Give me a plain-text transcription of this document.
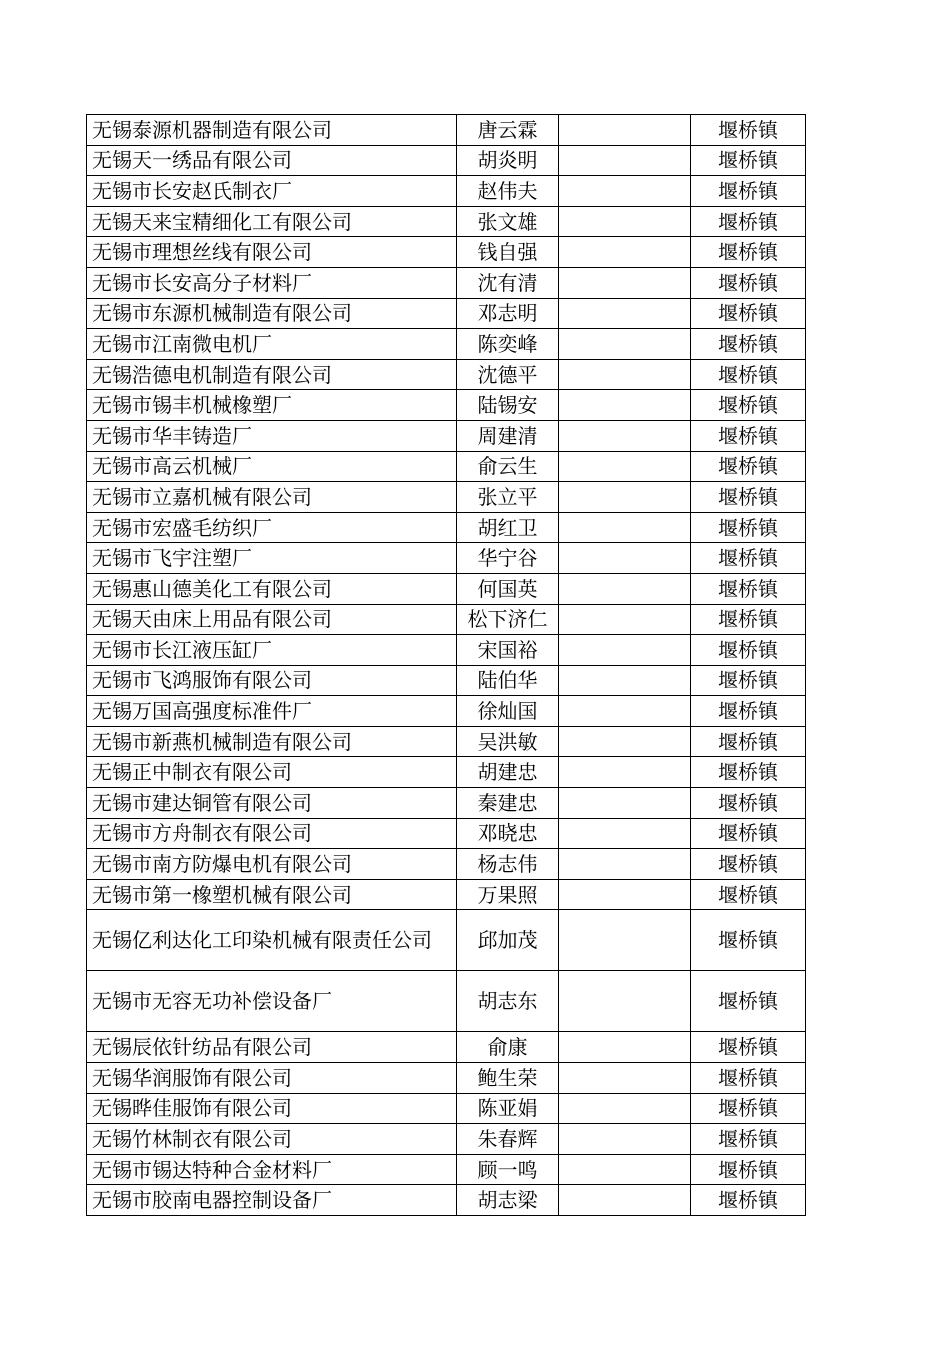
无锡泰源机器制造有限公司	唐云霖		堰桥镇
无锡天一绣品有限公司	胡炎明		堰桥镇
无锡市长安赵氏制衣厂	赵伟夫		堰桥镇
无锡天来宝精细化工有限公司	张文雄		堰桥镇
无锡市理想丝线有限公司	钱自强		堰桥镇
无锡市长安高分子材料厂	沈有清		堰桥镇
无锡市东源机械制造有限公司	邓志明		堰桥镇
无锡市江南微电机厂	陈奕峰		堰桥镇
无锡浩德电机制造有限公司	沈德平		堰桥镇
无锡市锡丰机械橡塑厂	陆锡安		堰桥镇
无锡市华丰铸造厂	周建清		堰桥镇
无锡市高云机械厂	俞云生		堰桥镇
无锡市立嘉机械有限公司	张立平		堰桥镇
无锡市宏盛毛纺织厂	胡红卫		堰桥镇
无锡市飞宇注塑厂	华宁谷		堰桥镇
无锡惠山德美化工有限公司	何国英		堰桥镇
无锡天由床上用品有限公司	松下济仁		堰桥镇
无锡市长江液压缸厂	宋国裕		堰桥镇
无锡市飞鸿服饰有限公司	陆伯华		堰桥镇
无锡万国高强度标准件厂	徐灿国		堰桥镇
无锡市新燕机械制造有限公司	吴洪敏		堰桥镇
无锡正中制衣有限公司	胡建忠		堰桥镇
无锡市建达铜管有限公司	秦建忠		堰桥镇
无锡市方舟制衣有限公司	邓晓忠		堰桥镇
无锡市南方防爆电机有限公司	杨志伟		堰桥镇
无锡市第一橡塑机械有限公司	万果照		堰桥镇
无锡亿利达化工印染机械有限责任公司	邱加茂		堰桥镇
无锡市无容无功补偿设备厂	胡志东		堰桥镇
无锡辰依针纺品有限公司	俞康		堰桥镇
无锡华润服饰有限公司	鲍生荣		堰桥镇
无锡晔佳服饰有限公司	陈亚娟		堰桥镇
无锡竹林制衣有限公司	朱春辉		堰桥镇
无锡市锡达特种合金材料厂	顾一鸣		堰桥镇
无锡市胶南电器控制设备厂	胡志梁		堰桥镇
